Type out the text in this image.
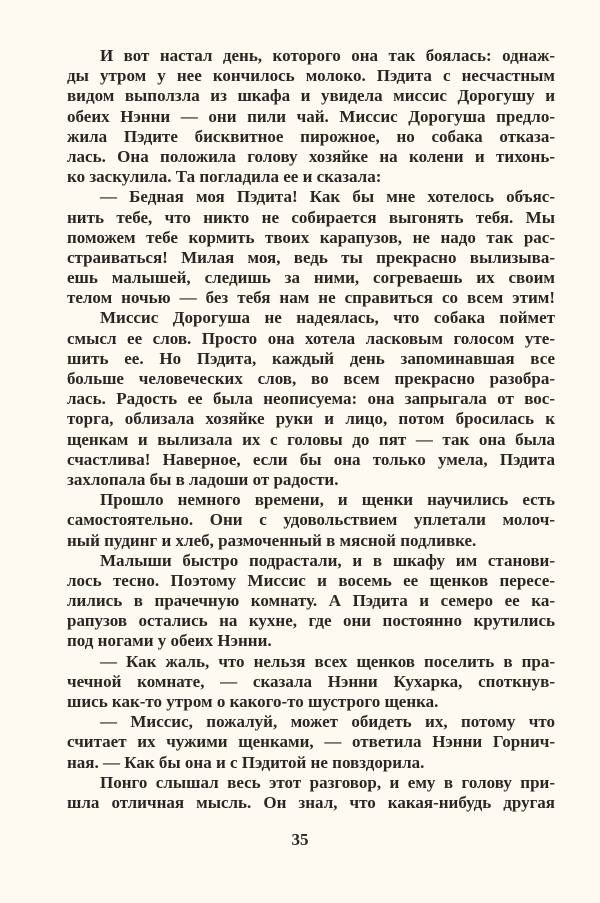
И вот настал день, которого она так боялась: однаж-
ды утром у нее кончилось молоко. Пэдита с несчастным
видом выползла из шкафа и увидела миссис Дорогушу и
обеих Нэнни — они пили чай. Миссис Дорогуша предло-
жила Пэдите бисквитное пирожное, но собака отказа-
лась. Она положила голову хозяйке на колени и тихонь-
ко заскулила. Та погладила ее и сказала:
— Бедная моя Пэдита! Как бы мне хотелось объяс-
нить тебе, что никто не собирается выгонять тебя. Мы
поможем тебе кормить твоих карапузов, не надо так рас-
страиваться! Милая моя, ведь ты прекрасно вылизыва-
ешь малышей, следишь за ними, согреваешь их своим
телом ночью — без тебя нам не справиться со всем этим!
Миссис Дорогуша не надеялась, что собака поймет
смысл ее слов. Просто она хотела ласковым голосом уте-
шить ее. Но Пэдита, каждый день запоминавшая все
больше человеческих слов, во всем прекрасно разобра-
лась. Радость ее была неописуема: она запрыгала от вос-
торга, облизала хозяйке руки и лицо, потом бросилась к
щенкам и вылизала их с головы до пят — так она была
счастлива! Наверное, если бы она только умела, Пэдита
захлопала бы в ладоши от радости.
Прошло немного времени, и щенки научились есть
самостоятельно. Они с удовольствием уплетали молоч-
ный пудинг и хлеб, размоченный в мясной подливке.
Малыши быстро подрастали, и в шкафу им станови-
лось тесно. Поэтому Миссис и восемь ее щенков пересе-
лились в прачечную комнату. А Пэдита и семеро ее ка-
рапузов остались на кухне, где они постоянно крутились
под ногами у обеих Нэнни.
— Как жаль, что нельзя всех щенков поселить в пра-
чечной комнате, — сказала Нэнни Кухарка, споткнув-
шись как-то утром о какого-то шустрого щенка.
— Миссис, пожалуй, может обидеть их, потому что
считает их чужими щенками, — ответила Нэнни Горнич-
ная. — Как бы она и с Пэдитой не повздорила.
Понго слышал весь этот разговор, и ему в голову при-
шла отличная мысль. Он знал, что какая-нибудь другая
35
